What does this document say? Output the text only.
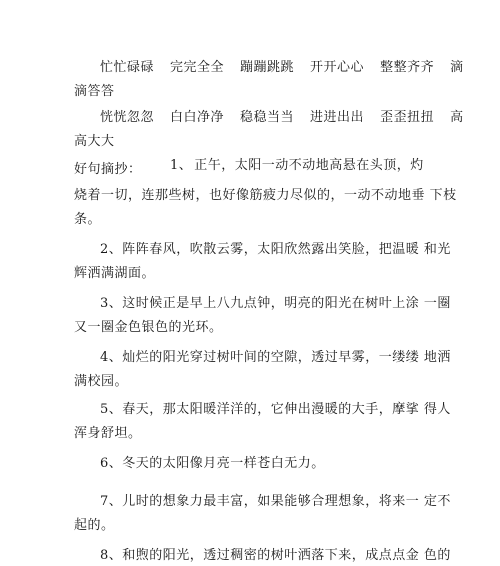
忙忙碌碌 完完全全 蹦蹦跳跳 开开心心 整整齐齐 滴
滴答答
恍恍忽忽 白白净净 稳稳当当 进进出出 歪歪扭扭 高
高大大
好句摘抄： 1、 正午，太阳一动不动地高悬在头顶，灼
烧着一切，连那些树，也好像筋疲力尽似的，一动不动地垂 下枝
条。
2、阵阵春风，吹散云雾，太阳欣然露出笑脸，把温暖 和光
辉洒满湖面。
3、这时候正是早上八九点钟，明亮的阳光在树叶上涂 一圈
又一圈金色银色的光环。
4、灿烂的阳光穿过树叶间的空隙，透过早雾，一缕缕 地洒
满校园。
5、春天，那太阳暖洋洋的，它伸出漫暖的大手，摩挲 得人
浑身舒坦。
6、冬天的太阳像月亮一样苍白无力。
7、儿时的想象力最丰富，如果能够合理想象，将来一 定不
起的。
8、和煦的阳光，透过稠密的树叶洒落下来，成点点金 色的
